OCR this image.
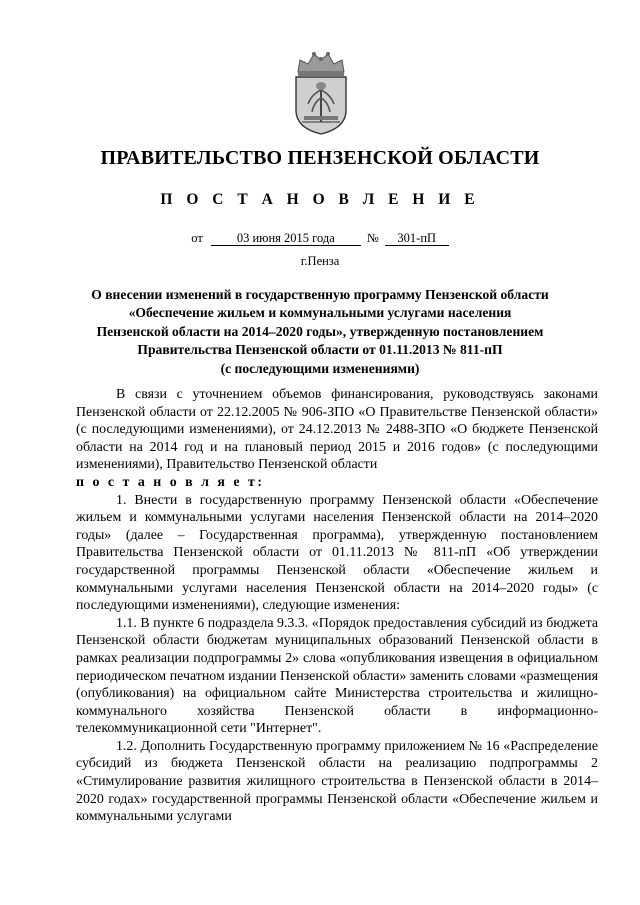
ПРАВИТЕЛЬСТВО ПЕНЗЕНСКОЙ ОБЛАСТИ
П О С Т А Н О В Л Е Н И Е
от	03 июня 2015 года	№ 301-пП
г.Пенза
О внесении изменений в государственную программу Пензенской области
«Обеспечение жильем и коммунальными услугами населения
Пензенской области на 2014–2020 годы», утвержденную постановлением
Правительства Пензенской области от 01.11.2013 № 811-пП
(с последующими изменениями)

В связи с уточнением объемов финансирования, руководствуясь законами Пензенской области от 22.12.2005 № 906-ЗПО «О Правительстве Пензенской области» (с последующими изменениями), от 24.12.2013 № 2488-ЗПО «О бюджете Пензенской области на 2014 год и на плановый период 2015 и 2016 годов» (с последующими изменениями), Правительство Пензенской области

п о с т а н о в л я е т:

1. Внести в государственную программу Пензенской области «Обеспечение жильем и коммунальными услугами населения Пензенской области на 2014–2020 годы» (далее – Государственная программа), утвержденную постановлением Правительства Пензенской области от 01.11.2013 № 811-пП «Об утверждении государственной программы Пензенской области «Обеспечение жильем и коммунальными услугами населения Пензенской области на 2014–2020 годы» (с последующими изменениями), следующие изменения:

1.1. В пункте 6 подраздела 9.3.3. «Порядок предоставления субсидий из бюджета Пензенской области бюджетам муниципальных образований Пензенской области в рамках реализации подпрограммы 2» слова «опубликования извещения в официальном периодическом печатном издании Пензенской области» заменить словами «размещения (опубликования) на официальном сайте Министерства строительства и жилищно-коммунального хозяйства Пензенской области в информационно-телекоммуникационной сети "Интернет".

1.2. Дополнить Государственную программу приложением № 16 «Распределение субсидий из бюджета Пензенской области на реализацию подпрограммы 2 «Стимулирование развития жилищного строительства в Пензенской области в 2014–2020 годах» государственной программы Пензенской области «Обеспечение жильем и коммунальными услугами
